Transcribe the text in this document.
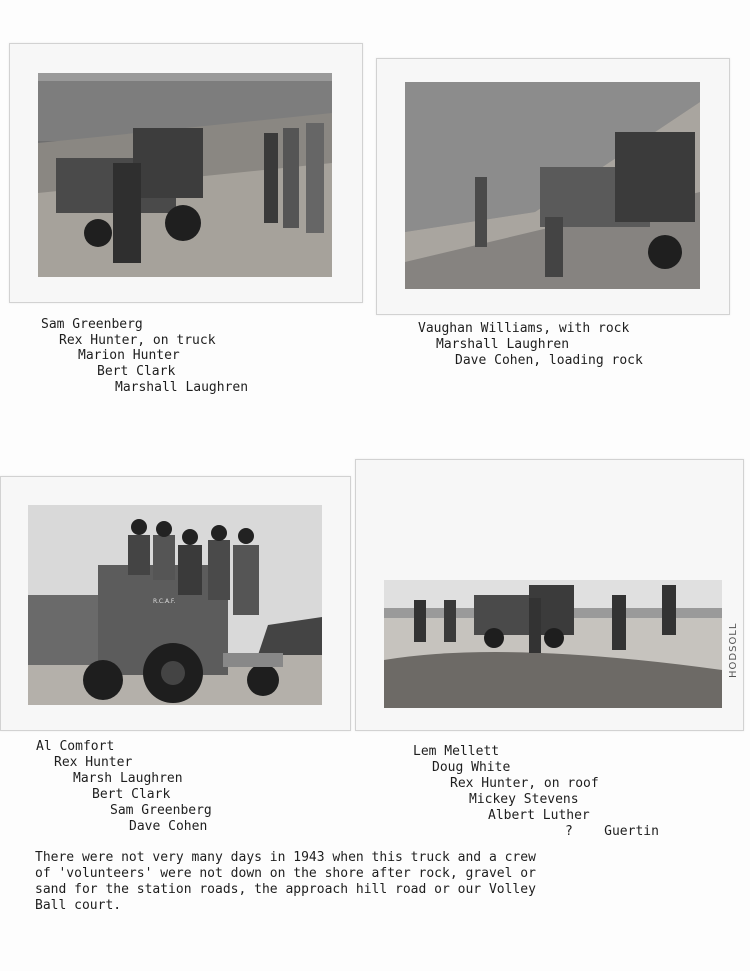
R.C.A.F.
Sam Greenberg
Rex Hunter, on truck
Marion Hunter
Bert Clark
Marshall Laughren
Vaughan Williams, with rock
Marshall Laughren
Dave Cohen, loading rock
Al Comfort
Rex Hunter
Marsh Laughren
Bert Clark
Sam Greenberg
Dave Cohen
Lem Mellett
Doug White
Rex Hunter, on roof
Mickey Stevens
Albert Luther
?    Guertin
There were not very many days in 1943 when this truck and a crew
of 'volunteers' were not down on the shore after rock, gravel or
sand for the station roads, the approach hill road or our Volley
Ball court.
HODSOLL
